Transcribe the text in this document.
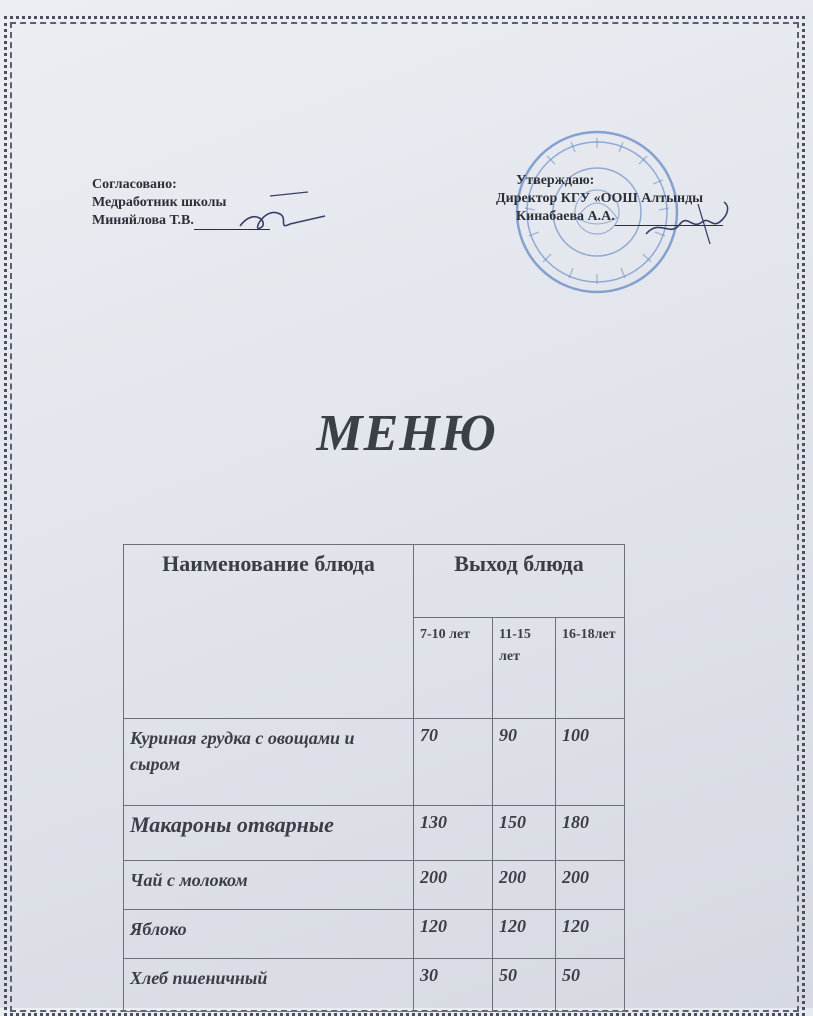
Согласовано:
Медработник школы
Миняйлова Т.В.
Утверждаю:
Директор КГУ «ООШ Алтынды
Кинабаева А.А.
МЕНЮ
Наименование блюда	Выход блюда		
	7-10 лет	11-15 лет	16-18лет
Куриная грудка с овощами и сыром	70	90	100
Макароны отварные	130	150	180
Чай с молоком	200	200	200
Яблоко	120	120	120
Хлеб пшеничный	30	50	50
